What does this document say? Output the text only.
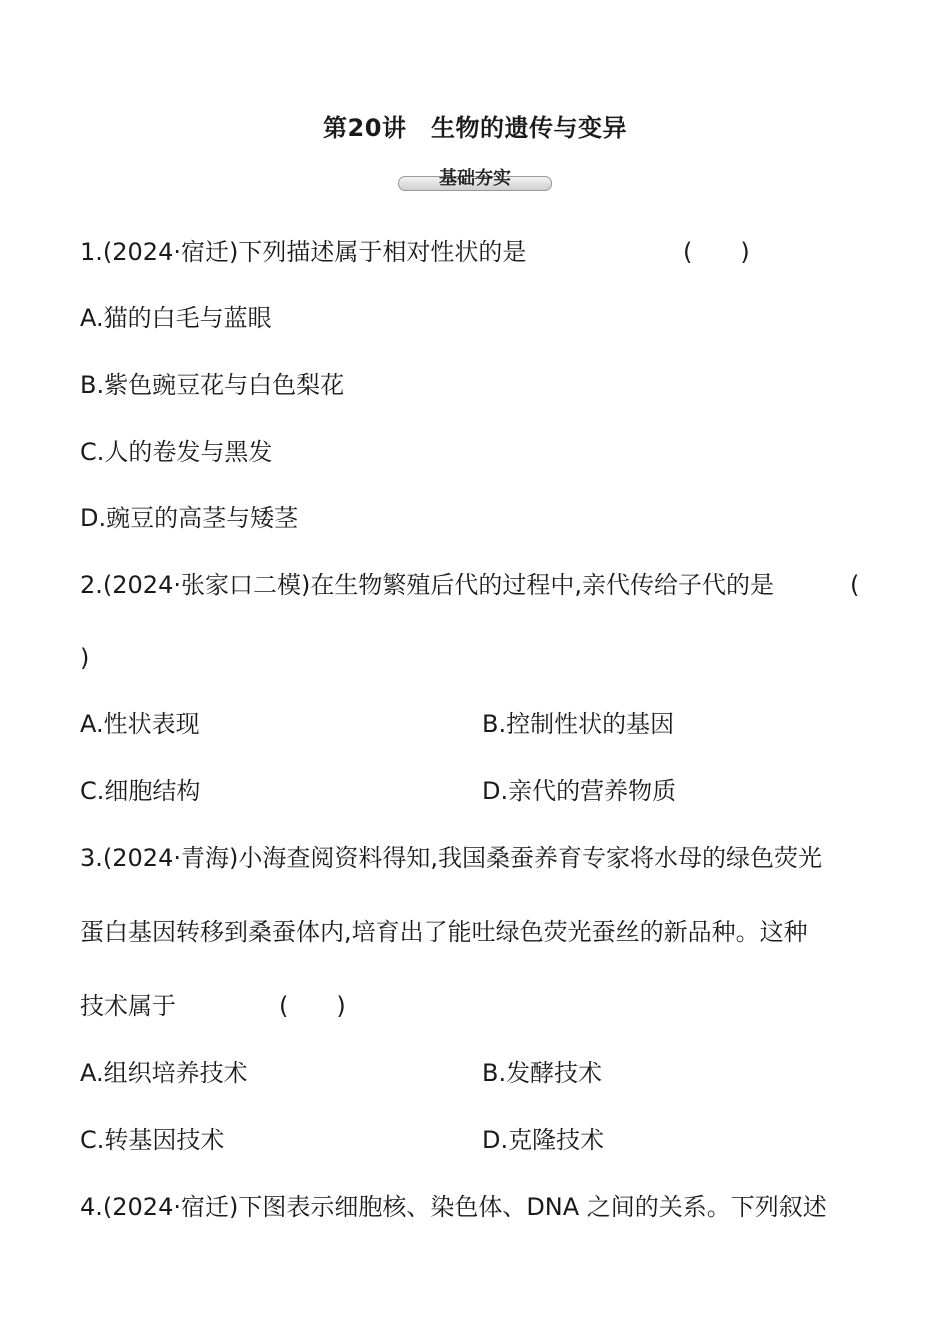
第20讲　生物的遗传与变异
基础夯实
1.(2024·宿迁)下列描述属于相对性状的是	(　　)
A.猫的白毛与蓝眼
B.紫色豌豆花与白色梨花
C.人的卷发与黑发
D.豌豆的高茎与矮茎
2.(2024·张家口二模)在生物繁殖后代的过程中,亲代传给子代的是	(
)
A.性状表现	B.控制性状的基因
C.细胞结构	D.亲代的营养物质
3.(2024·青海)小海查阅资料得知,我国桑蚕养育专家将水母的绿色荧光
蛋白基因转移到桑蚕体内,培育出了能吐绿色荧光蚕丝的新品种。这种
技术属于	(　　)
A.组织培养技术	B.发酵技术
C.转基因技术	D.克隆技术
4.(2024·宿迁)下图表示细胞核、染色体、DNA 之间的关系。下列叙述
